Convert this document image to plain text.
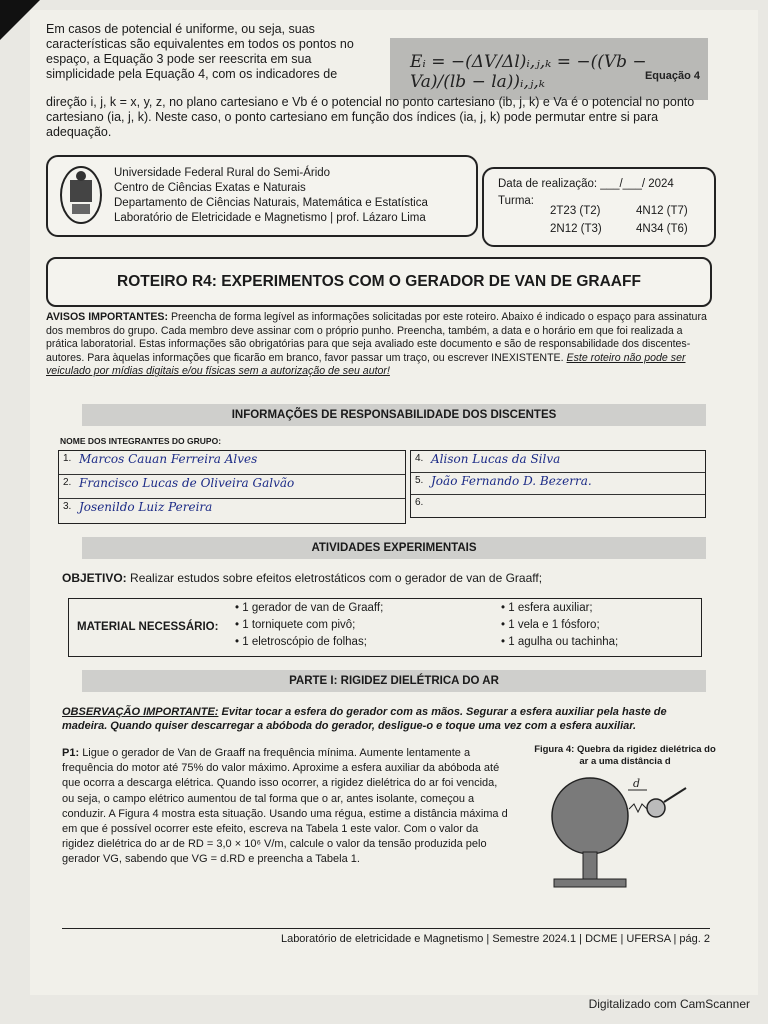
Em casos de potencial é uniforme, ou seja, suas características são equivalentes em todos os pontos no espaço, a Equação 3 pode ser reescrita em sua simplicidade pela Equação 4, com os indicadores de
Eᵢ = −(ΔV/Δl)ᵢ,ⱼ,ₖ = −((Vb − Va)/(lb − la))ᵢ,ⱼ,ₖ	Equação 4
direção i, j, k = x, y, z, no plano cartesiano e Vb é o potencial no ponto cartesiano (ib, j, k) e Va é o potencial no ponto cartesiano (ia, j, k). Neste caso, o ponto cartesiano em função dos índices (ia, j, k) pode permutar entre si para adequação.
Universidade Federal Rural do Semi-Árido
Centro de Ciências Exatas e Naturais
Departamento de Ciências Naturais, Matemática e Estatística
Laboratório de Eletricidade e Magnetismo | prof. Lázaro Lima
Data de realização: ___/___/ 2024
Turma:
2T23 (T2)	4N12 (T7)
2N12 (T3)	4N34 (T6)
ROTEIRO R4: EXPERIMENTOS COM O GERADOR DE VAN DE GRAAFF
AVISOS IMPORTANTES: Preencha de forma legível as informações solicitadas por este roteiro. Abaixo é indicado o espaço para assinatura dos membros do grupo. Cada membro deve assinar com o próprio punho. Preencha, também, a data e o horário em que foi realizada a prática laboratorial. Estas informações são obrigatórias para que seja avaliado este documento e são de responsabilidade dos discentes-autores. Para àquelas informações que ficarão em branco, favor passar um traço, ou escrever INEXISTENTE. Este roteiro não pode ser veiculado por mídias digitais e/ou físicas sem a autorização de seu autor!
INFORMAÇÕES DE RESPONSABILIDADE DOS DISCENTES
NOME DOS INTEGRANTES DO GRUPO:
1. Marcos Cauan Ferreira Alves
2. Francisco Lucas de Oliveira Galvão
3. Josenildo Luiz Pereira
4. Alison Lucas da Silva
5. João Fernando D. Bezerra.
6.
ATIVIDADES EXPERIMENTAIS
OBJETIVO: Realizar estudos sobre efeitos eletrostáticos com o gerador de van de Graaff;
MATERIAL NECESSÁRIO:
• 1 gerador de van de Graaff;
• 1 torniquete com pivô;
• 1 eletroscópio de folhas;
• 1 esfera auxiliar;
• 1 vela e 1 fósforo;
• 1 agulha ou tachinha;
PARTE I: RIGIDEZ DIELÉTRICA DO AR
OBSERVAÇÃO IMPORTANTE: Evitar tocar a esfera do gerador com as mãos. Segurar a esfera auxiliar pela haste de madeira. Quando quiser descarregar a abóboda do gerador, desligue-o e toque uma vez com a esfera auxiliar.
P1: Ligue o gerador de Van de Graaff na frequência mínima. Aumente lentamente a frequência do motor até 75% do valor máximo. Aproxime a esfera auxiliar da abóboda até que ocorra a descarga elétrica. Quando isso ocorrer, a rigidez dielétrica do ar foi vencida, ou seja, o campo elétrico aumentou de tal forma que o ar, antes isolante, começou a conduzir. A Figura 4 mostra esta situação. Usando uma régua, estime a distância máxima d em que é possível ocorrer este efeito, escreva na Tabela 1 este valor. Com o valor da rigidez dielétrica do ar de RD = 3,0 × 10⁶ V/m, calcule o valor da tensão produzida pelo gerador VG, sabendo que VG = d.RD e preencha a Tabela 1.
Figura 4: Quebra da rigidez dielétrica do ar a uma distância d
d
Laboratório de eletricidade e Magnetismo | Semestre 2024.1 | DCME | UFERSA | pág. 2
Digitalizado com CamScanner
